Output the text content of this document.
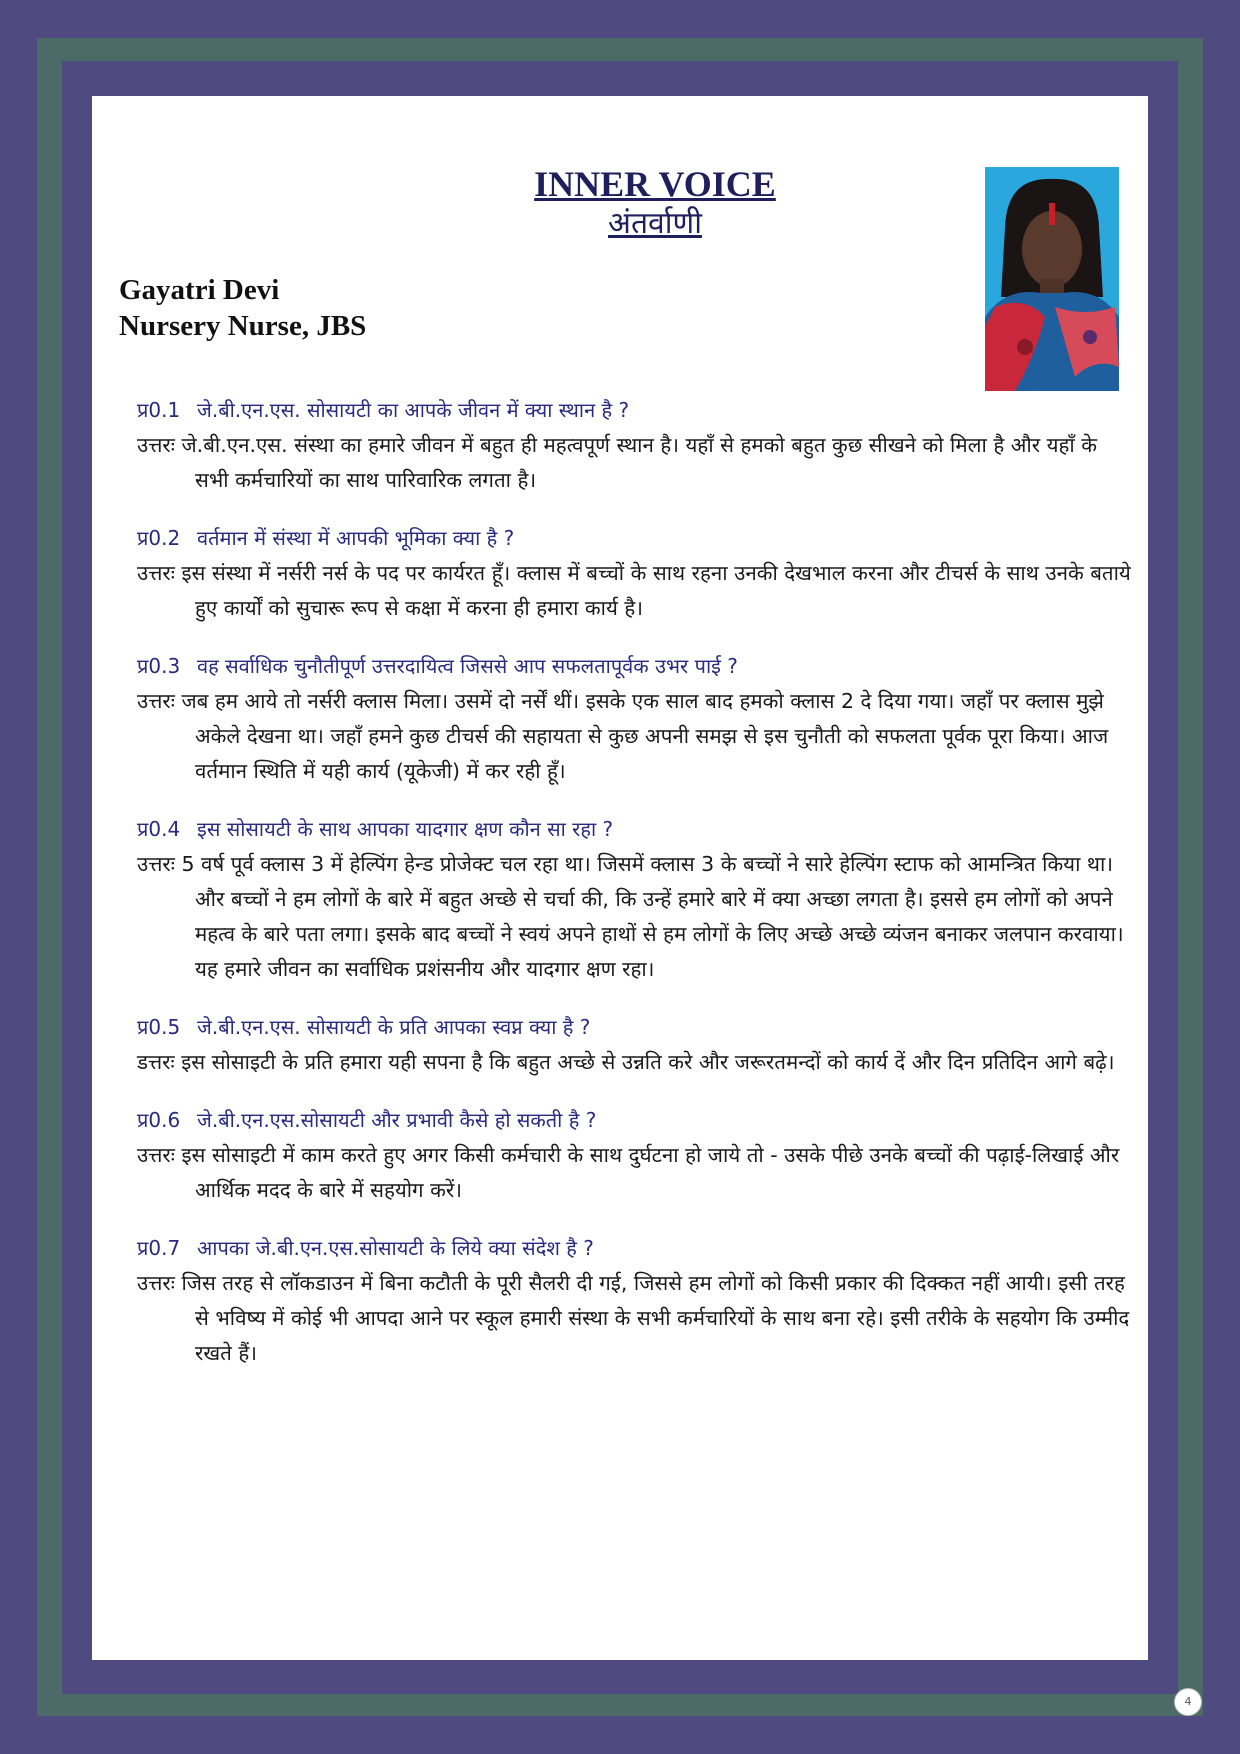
INNER VOICE
अंतर्वाणी
Gayatri Devi
Nursery Nurse, JBS
प्र0.1 जे.बी.एन.एस. सोसायटी का आपके जीवन में क्या स्थान है ?
उत्तरः जे.बी.एन.एस. संस्था का हमारे जीवन में बहुत ही महत्वपूर्ण स्थान है। यहाँ से हमको बहुत कुछ सीखने को मिला है और यहाँ के सभी कर्मचारियों का साथ पारिवारिक लगता है।
प्र0.2 वर्तमान में संस्था में आपकी भूमिका क्या है ?
उत्तरः इस संस्था में नर्सरी नर्स के पद पर कार्यरत हूँ। क्लास में बच्चों के साथ रहना उनकी देखभाल करना और टीचर्स के साथ उनके बताये हुए कार्यों को सुचारू रूप से कक्षा में करना ही हमारा कार्य है।
प्र0.3 वह सर्वाधिक चुनौतीपूर्ण उत्तरदायित्व जिससे आप सफलतापूर्वक उभर पाई ?
उत्तरः जब हम आये तो नर्सरी क्लास मिला। उसमें दो नर्सें थीं। इसके एक साल बाद हमको क्लास 2 दे दिया गया। जहाँ पर क्लास मुझे अकेले देखना था। जहाँ हमने कुछ टीचर्स की सहायता से कुछ अपनी समझ से इस चुनौती को सफलता पूर्वक पूरा किया। आज वर्तमान स्थिति में यही कार्य (यूकेजी) में कर रही हूँ।
प्र0.4 इस सोसायटी के साथ आपका यादगार क्षण कौन सा रहा ?
उत्तरः 5 वर्ष पूर्व क्लास 3 में हेल्पिंग हेन्ड प्रोजेक्ट चल रहा था। जिसमें क्लास 3 के बच्चों ने सारे हेल्पिंग स्टाफ को आमन्त्रित किया था। और बच्चों ने हम लोगों के बारे में बहुत अच्छे से चर्चा की, कि उन्हें हमारे बारे में क्या अच्छा लगता है। इससे हम लोगों को अपने महत्व के बारे पता लगा। इसके बाद बच्चों ने स्वयं अपने हाथों से हम लोगों के लिए अच्छे अच्छे व्यंजन बनाकर जलपान करवाया। यह हमारे जीवन का सर्वाधिक प्रशंसनीय और यादगार क्षण रहा।
प्र0.5 जे.बी.एन.एस. सोसायटी के प्रति आपका स्वप्न क्या है ?
डत्तरः इस सोसाइटी के प्रति हमारा यही सपना है कि बहुत अच्छे से उन्नति करे और जरूरतमन्दों को कार्य दें और दिन प्रतिदिन आगे बढ़े।
प्र0.6 जे.बी.एन.एस.सोसायटी और प्रभावी कैसे हो सकती है ?
उत्तरः इस सोसाइटी में काम करते हुए अगर किसी कर्मचारी के साथ दुर्घटना हो जाये तो - उसके पीछे उनके बच्चों की पढ़ाई-लिखाई और आर्थिक मदद के बारे में सहयोग करें।
प्र0.7 आपका जे.बी.एन.एस.सोसायटी के लिये क्या संदेश है ?
उत्तरः जिस तरह से लॉकडाउन में बिना कटौती के पूरी सैलरी दी गई, जिससे हम लोगों को किसी प्रकार की दिक्कत नहीं आयी। इसी तरह से भविष्य में कोई भी आपदा आने पर स्कूल हमारी संस्था के सभी कर्मचारियों के साथ बना रहे। इसी तरीके के सहयोग कि उम्मीद रखते हैं।
4
